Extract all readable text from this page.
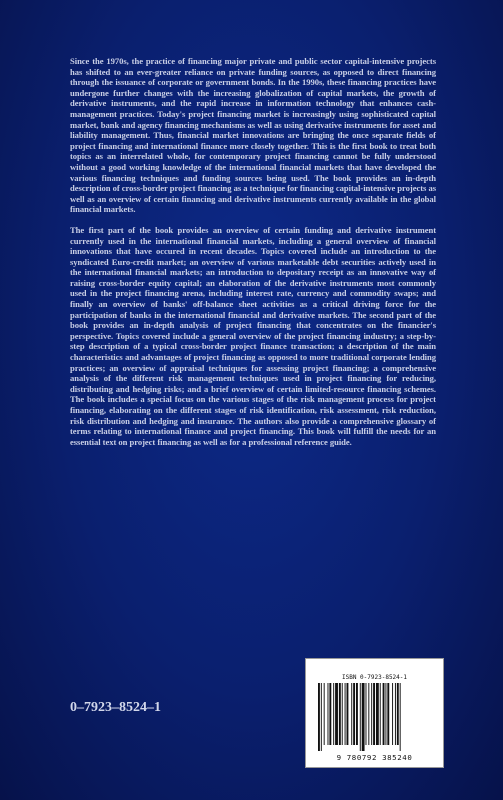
Since the 1970s, the practice of financing major private and public sector capital-intensive projects has shifted to an ever-greater reliance on private funding sources, as opposed to direct financing through the issuance of corporate or government bonds. In the 1990s, these financing practices have undergone further changes with the increasing globalization of capital markets, the growth of derivative instruments, and the rapid increase in information technology that enhances cash-management practices. Today's project financing market is increasingly using sophisticated capital market, bank and agency financing mechanisms as well as using derivative instruments for asset and liability management. Thus, financial market innovations are bringing the once separate fields of project financing and international finance more closely together. This is the first book to treat both topics as an interrelated whole, for contemporary project financing cannot be fully understood without a good working knowledge of the international financial markets that have developed the various financing techniques and funding sources being used. The book provides an in-depth description of cross-border project financing as a technique for financing capital-intensive projects as well as an overview of certain financing and derivative instruments currently available in the global financial markets.

The first part of the book provides an overview of certain funding and derivative instrument currently used in the international financial markets, including a general overview of financial innovations that have occured in recent decades. Topics covered include an introduction to the syndicated Euro-credit market; an overview of various marketable debt securities actively used in the international financial markets; an introduction to depositary receipt as an innovative way of raising cross-border equity capital; an elaboration of the derivative instruments most commonly used in the project financing arena, including interest rate, currency and commodity swaps; and finally an overview of banks' off-balance sheet activities as a critical driving force for the participation of banks in the international financial and derivative markets. The second part of the book provides an in-depth analysis of project financing that concentrates on the financier's perspective. Topics covered include a general overview of the project financing industry; a step-by-step description of a typical cross-border project finance transaction; a description of the main characteristics and advantages of project financing as opposed to more traditional corporate lending practices; an overview of appraisal techniques for assessing project financing; a comprehensive analysis of the different risk management techniques used in project financing for reducing, distributing and hedging risks; and a brief overview of certain limited-resource financing schemes. The book includes a special focus on the various stages of the risk management process for project financing, elaborating on the different stages of risk identification, risk assessment, risk reduction, risk distribution and hedging and insurance. The authors also provide a comprehensive glossary of terms relating to international finance and project financing. This book will fulfill the needs for an essential text on project financing as well as for a professional reference guide.

0–7923–8524–1
ISBN 0-7923-8524-1
9 780792 385240
